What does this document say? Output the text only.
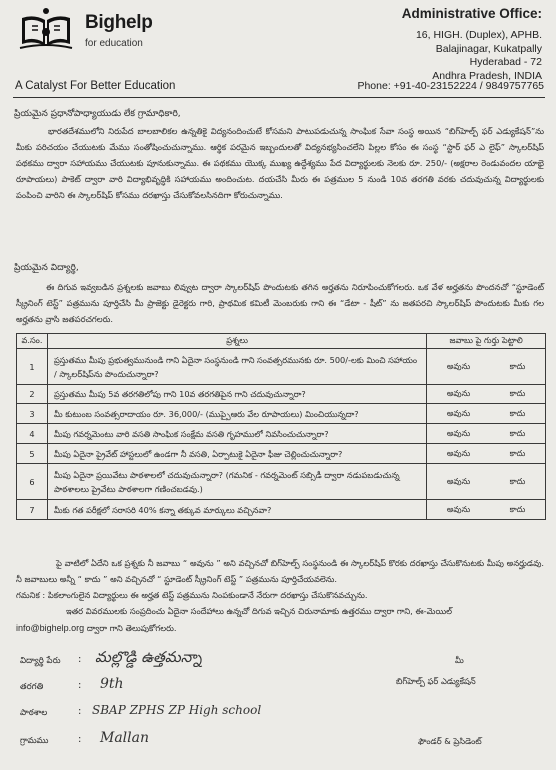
Bighelp
for education
A Catalyst For Better Education
Administrative Office:
16, HIGH. (Duplex), APHB.
Balajinagar, Kukatpally
Hyderabad - 72
Andhra Pradesh, INDIA
Phone: +91-40-23152224 / 9849757765
ప్రియమైన ప్రధానోపాధ్యాయుడు లేక గ్రామాధికారి,
భారతదేశములోని నిరుపేద బాలబాలికల ఉన్నతికై విద్యనందించుటే కోసమని పాటుపడుచున్న సాంఘిక సేవా సంస్థ అయిన “బిగ్‌హెల్ప్ ఫర్ ఎడ్యుకేషన్”ను మీకు పరిచయం చేయుటకు మేము సంతోషించుచున్నాము. ఆర్థిక పరమైన ఇబ్బందులతో విద్యనభ్యసించలేని పిల్లల కోసం ఈ సంస్థ “స్టార్ ఫర్ ఎ లైఫ్” స్కాలర్‌షిప్ పథకము ద్వారా సహాయము చేయుటకు పూనుకున్నాము. ఈ పథకము యొక్క ముఖ్య ఉద్దేశ్యము పేద విద్యార్థులకు నెలకు రూ. 250/- (అక్షరాల రెండువందల యాభై రూపాయలు) పాకెట్ ద్వారా వారి విద్యాభివృద్ధికి సహాయము అందించుట. దయచేసి మీరు ఈ పత్రముల 5 నుండి 10వ తరగతి వరకు చదువుచున్న విద్యార్థులకు పంపించి వారిని ఈ స్కాలర్‌షిప్ కోసము దరఖాస్తు చేసుకోవలసినదిగా కోరుచున్నాము.
ప్రియమైన విద్యార్థి,
ఈ దిగువ ఇవ్వబడిన ప్రశ్నలకు జవాబు లివ్వుట ద్వారా స్కాలర్‌షిప్ పొందుటకు తగిన అర్హతను నిరూపించుకోగలరు. ఒక వేళ అర్హతను పొందనచో “స్టూడెంట్ స్క్రీనింగ్ టెస్ట్” పత్రమును పూర్తిచేసి మీ ప్రాజెక్టు డైరెక్టరు గారి, ప్రాథమిక కమిటీ మెంబరుకు గాని ఈ “డేటా - షీట్” ను జతపరచి స్కాలర్‌షిప్ పొందుటకు మీకు గల అర్హతను వ్రాసి జతపరచగలరు.
వ.సం.	ప్రశ్నలు	జవాబు పై గుర్తు పెట్టాలి
1	ప్రస్తుతము మీపు ప్రభుత్వమునుండి గాని ఏదైనా సంస్థనుండి గాని సంవత్సరమునకు రూ. 500/-లకు మించి సహాయం / స్కాలర్‌షిప్‌ను పొందుచున్నారా?	అవును కాదు

2	ప్రస్తుతము మీపు 5వ తరగతిలోపు గాని 10వ తరగతిపైన గాని చదువుచున్నారా?	అవును కాదు

3	మీ కుటుంబ సంవత్సరాదాయం రూ. 36,000/- (ముప్పైఆరు వేల రూపాయలు) మించియున్నదా?	అవును కాదు

4	మీపు గవర్నమెంటు వారి వసతి సాంఘిక సంక్షేమ వసతి గృహములో నివసించుచున్నారా?	అవును కాదు

5	మీపు ఏదైనా ప్రైవేట్ హాస్టలులో ఉండగా నీ వసతి, ఏర్పాటుకై ఏదైనా ఫీజు చెల్లించుచున్నారా?	అవును కాదు

6	మీపు ఏదైనా ప్రయివేటు పాఠశాలలో చదువుచున్నారా? (గమనిక - గవర్నమెంట్ సబ్సిడీ ద్వారా నడుపబడుచున్న పాఠశాలలు ప్రైవేటు పాఠశాలగా గణించబడవు.)	అవును కాదు

7	మీకు గత పరీక్షలో సరాసరి 40% కన్నా తక్కువ మార్కులు వచ్చినవా?	అవును కాదు
పై వాటిలో ఏదేని ఒక ప్రశ్నకు నీ జవాబు “ అవును ” అని వచ్చినచో బిగ్‌హెల్ప్ సంస్థనుండి ఈ స్కాలర్‌షిప్ కొరకు దరఖాస్తు చేసుకొనుటకు మీపు అనర్హుడవు. నీ జవాబులు అన్నీ “ కాదు ” అని వచ్చినచో “ స్టూడెంట్ స్క్రీనింగ్ టెస్ట్ ” పత్రమును పూర్తిచేయవలెను.
గమనిక : పికలాంగులైన విద్యార్థులు ఈ అర్హత టెస్ట్ పత్రమును నింపకుండానే నేరుగా దరఖాస్తు చేసుకొనవచ్చును.
ఇతర వివరములకు సంప్రదించు ఏదైనా సందేహాలు ఉన్నచో దిగువ ఇచ్చిన చిరునామాకు ఉత్తరము ద్వారా గాని, ఈ-మెయిల్
info@bighelp.org ద్వారా గాని తెలుపుకోగలరు.
విద్యార్థి పేరు : మల్లొడ్డి ఉత్తమన్నా
తరగతి	: 9th
పాఠశాల	: SBAP ZPHS ZP High school
గ్రామము	: Mallan
మీ
బిగ్‌హెల్ప్ ఫర్ ఎడ్యుకేషన్
ఫౌండర్ & ప్రెసిడెంట్
